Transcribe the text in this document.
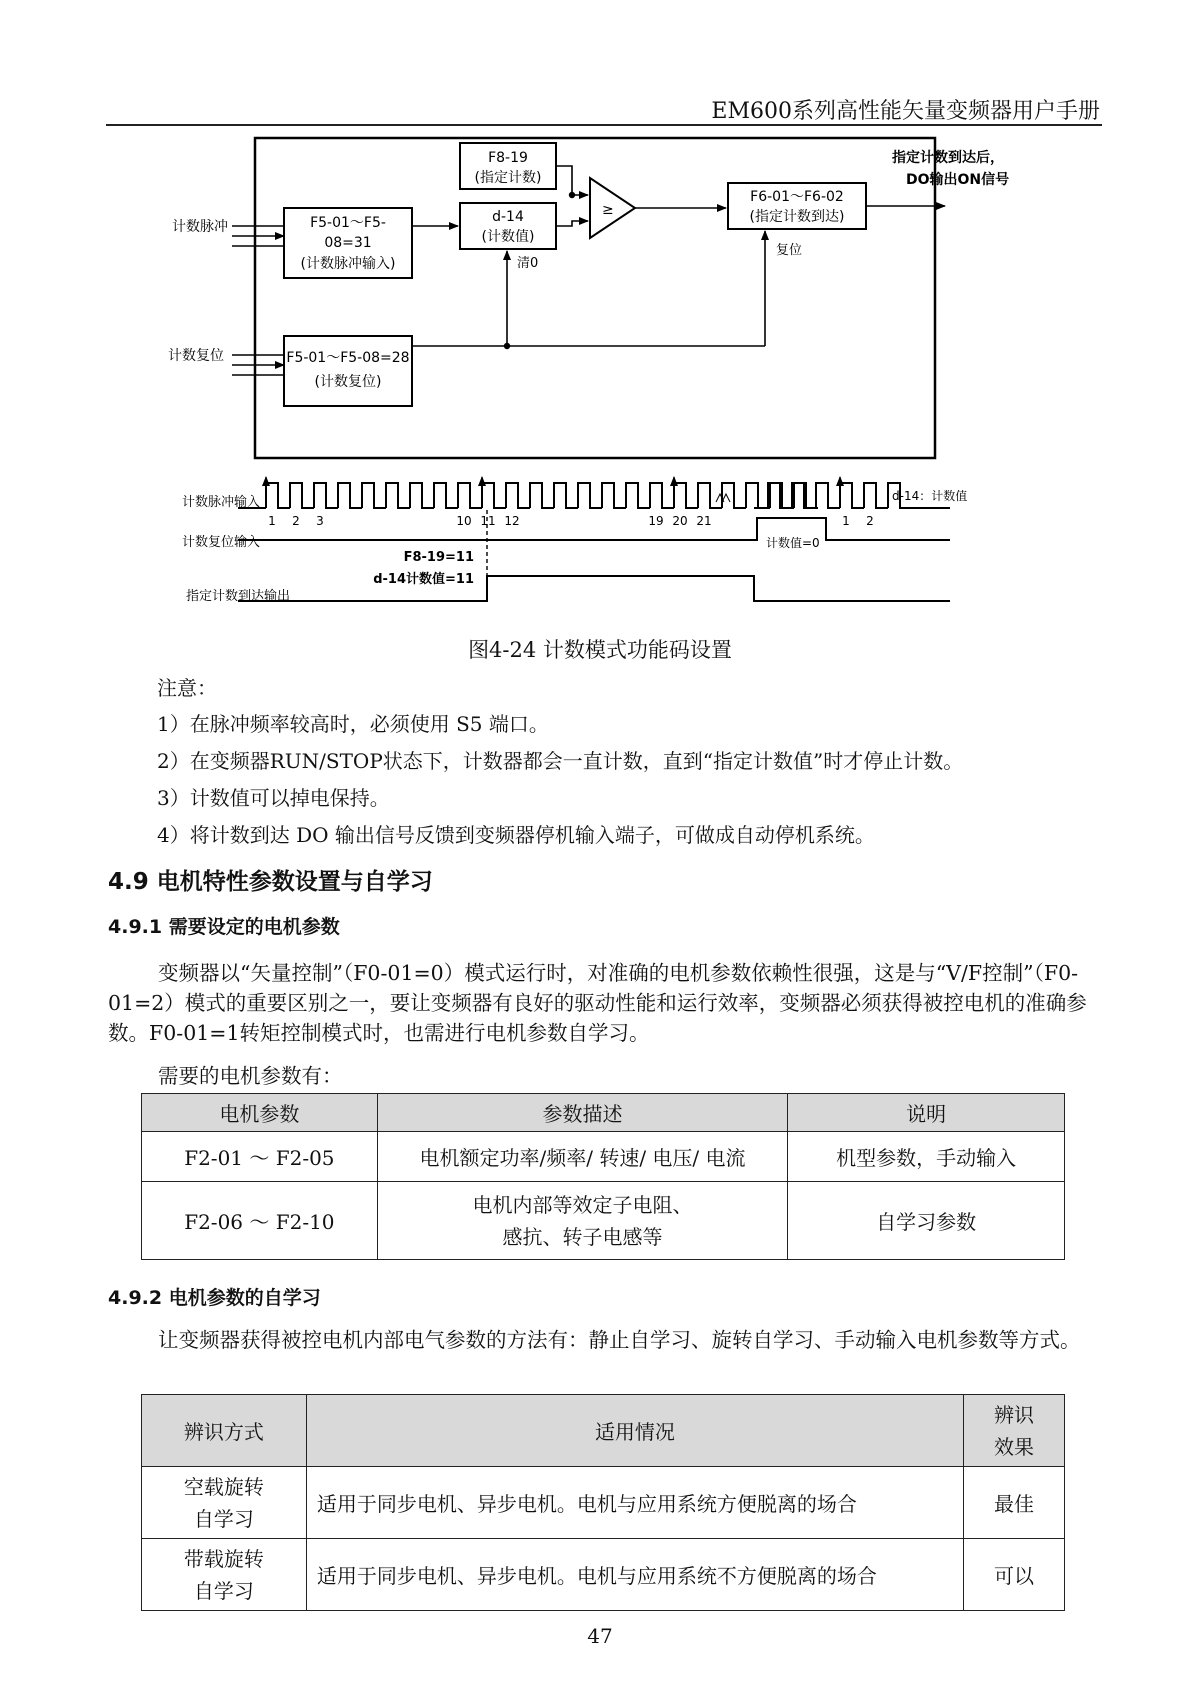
EM600系列高性能矢量变频器用户手册
计数脉冲
计数复位
F5-01～F5-
08=31
(计数脉冲输入)
F5-01～F5-08=28
(计数复位)
F8-19
(指定计数)
d-14
(计数值)
≥
F6-01～F6-02
(指定计数到达)
清0
复位
指定计数到达后，
DO输出ON信号
计数脉冲输入
计数复位输入
指定计数到达输出
d-14：计数值
计数值=0
F8-19=11
d-14计数值=11
1 2 3	10 11 12	19 20 21	1 2
图4-24 计数模式功能码设置
注意：
1）在脉冲频率较高时，必须使用 S5 端口。
2）在变频器RUN/STOP状态下，计数器都会一直计数，直到“指定计数值”时才停止计数。
3）计数值可以掉电保持。
4）将计数到达 DO 输出信号反馈到变频器停机输入端子，可做成自动停机系统。
4.9 电机特性参数设置与自学习
4.9.1 需要设定的电机参数

变频器以“矢量控制”（F0-01=0）模式运行时，对准确的电机参数依赖性很强，这是与“V/F控制”（F0-01=2）模式的重要区别之一，要让变频器有良好的驱动性能和运行效率，变频器必须获得被控电机的准确参数。F0-01=1转矩控制模式时，也需进行电机参数自学习。

需要的电机参数有：
电机参数	参数描述	说明
F2-01 ～ F2-05	电机额定功率/频率/ 转速/ 电压/ 电流	机型参数，手动输入
F2-06 ～ F2-10	电机内部等效定子电阻、
感抗、转子电感等	自学习参数
4.9.2 电机参数的自学习

让变频器获得被控电机内部电气参数的方法有：静止自学习、旋转自学习、手动输入电机参数等方式。

辨识方式	适用情况	辨识
效果

空载旋转
自学习	适用于同步电机、异步电机。电机与应用系统方便脱离的场合	最佳

带载旋转
自学习	适用于同步电机、异步电机。电机与应用系统不方便脱离的场合	可以
47
